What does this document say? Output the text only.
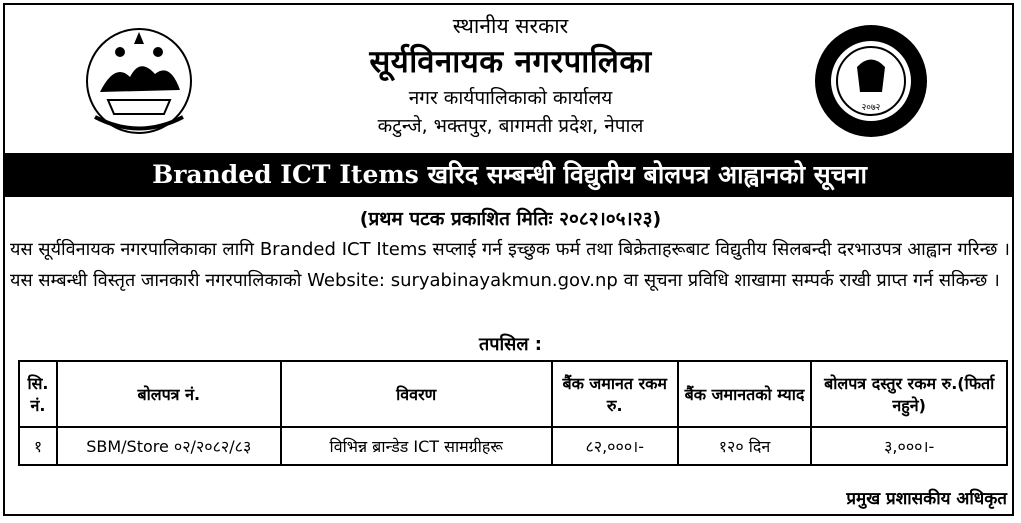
२०७२
स्थानीय सरकार
सूर्यविनायक नगरपालिका
नगर कार्यपालिकाको कार्यालय
कटुन्जे, भक्तपुर, बागमती प्रदेश, नेपाल
Branded ICT Items खरिद सम्बन्धी विद्युतीय बोलपत्र आह्वानको सूचना
(प्रथम पटक प्रकाशित मितिः २०८२।०५।२३)
यस सूर्यविनायक नगरपालिकाका लागि Branded ICT Items सप्लाई गर्न इच्छुक फर्म तथा बिक्रेताहरूबाट विद्युतीय सिलबन्दी दरभाउपत्र आह्वान गरिन्छ । यस सम्बन्धी विस्तृत जानकारी नगरपालिकाको Website: suryabinayakmun.gov.np वा सूचना प्रविधि शाखामा सम्पर्क राखी प्राप्त गर्न सकिन्छ ।
तपसिल :
सि. नं.	बोलपत्र नं.	विवरण	बैंक जमानत रकम रु.	बैंक जमानतको म्याद	बोलपत्र दस्तुर रकम रु.(फिर्ता नहुने)
१	SBM/Store ०२/२०८२/८३	विभिन्न ब्रान्डेड ICT सामग्रीहरू	८२,०००।-	१२० दिन	३,०००।-
प्रमुख प्रशासकीय अधिकृत
